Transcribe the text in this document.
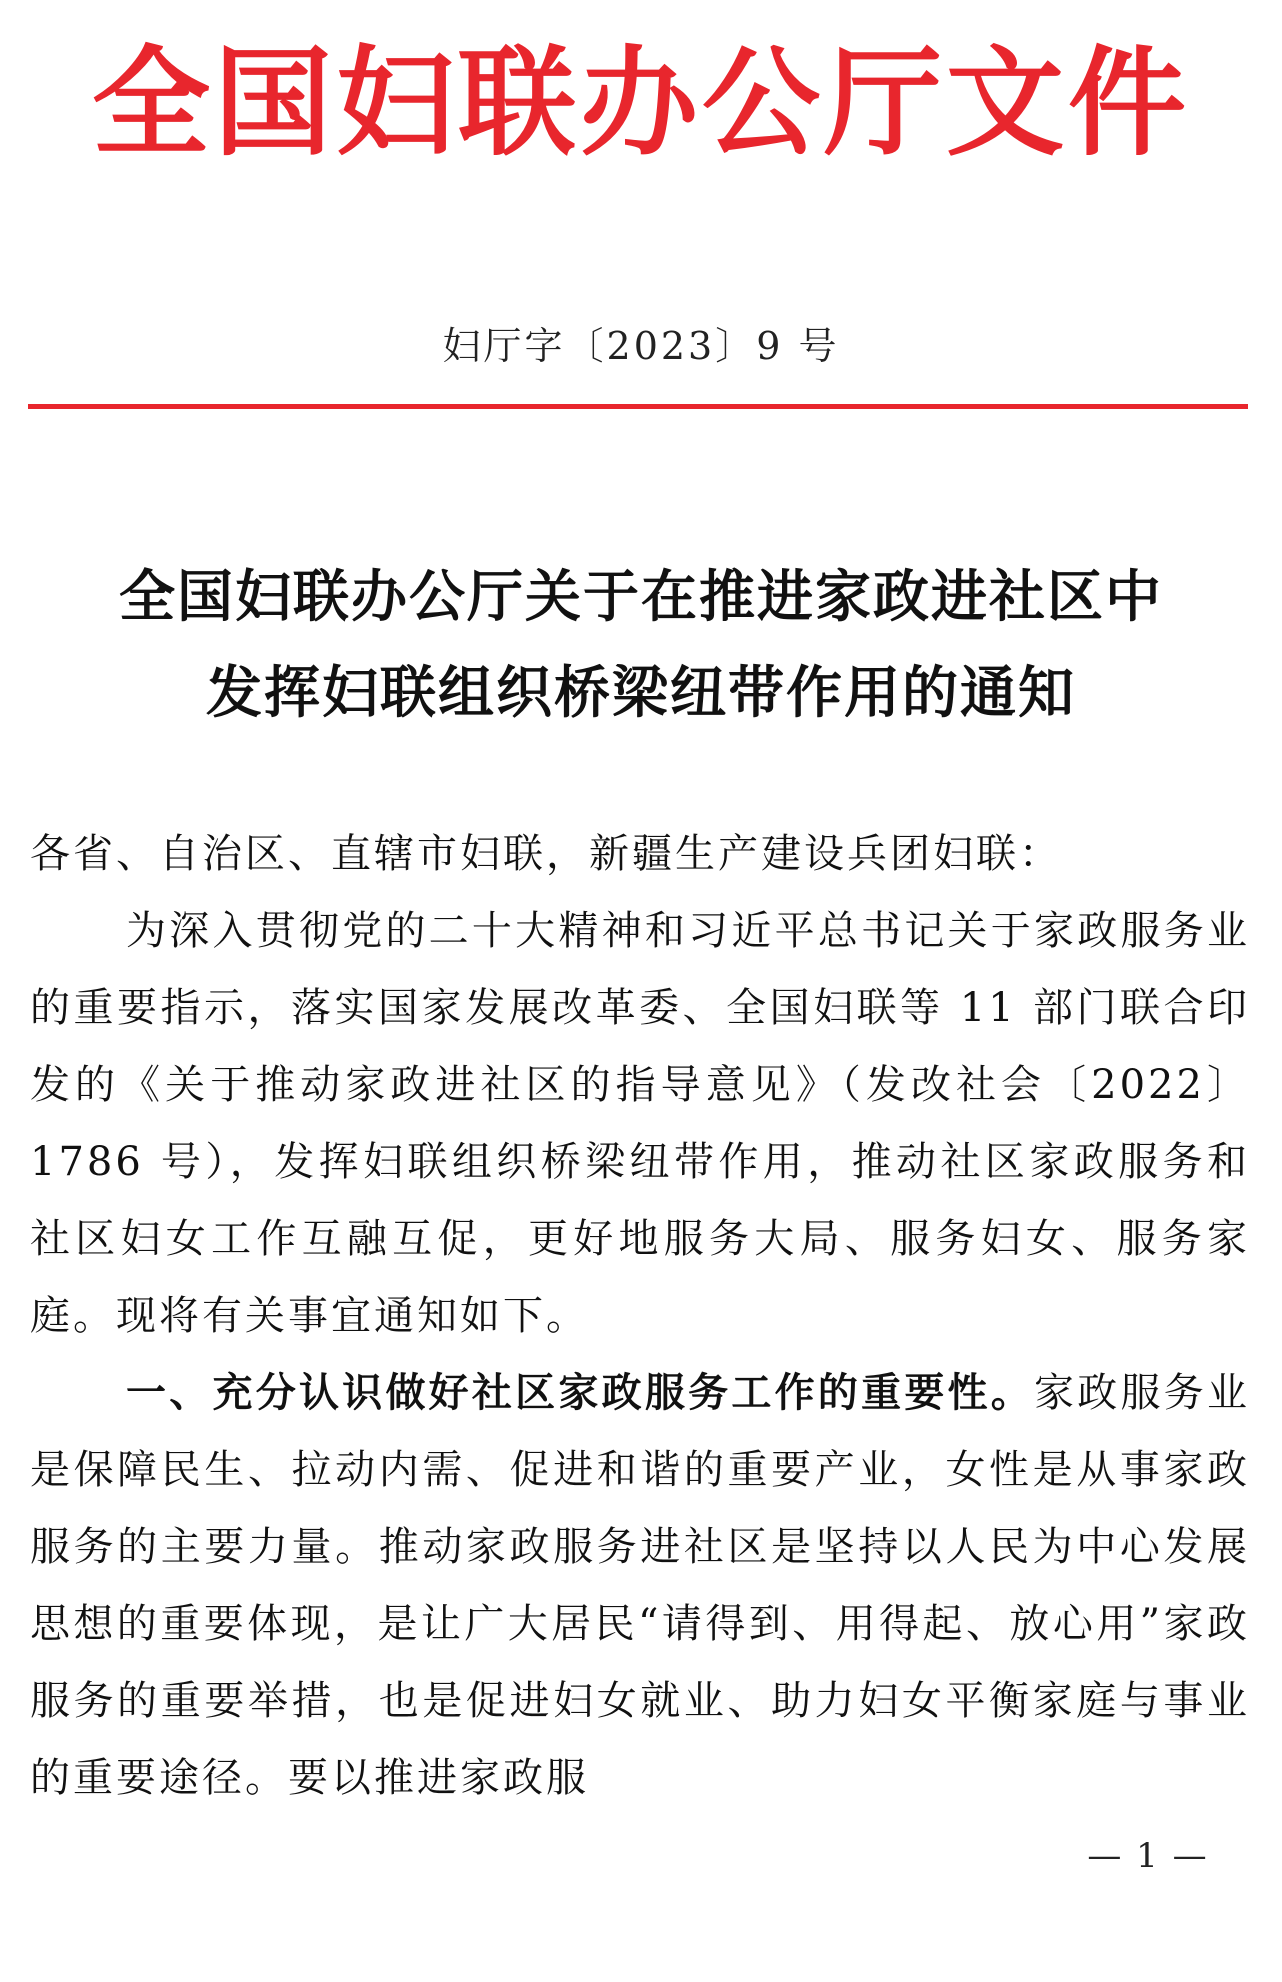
全国妇联办公厅文件
妇厅字〔2023〕9 号
全国妇联办公厅关于在推进家政进社区中
发挥妇联组织桥梁纽带作用的通知

各省、自治区、直辖市妇联，新疆生产建设兵团妇联：

为深入贯彻党的二十大精神和习近平总书记关于家政服务业的重要指示，落实国家发展改革委、全国妇联等 11 部门联合印发的《关于推动家政进社区的指导意见》（发改社会〔2022〕1786 号），发挥妇联组织桥梁纽带作用，推动社区家政服务和社区妇女工作互融互促，更好地服务大局、服务妇女、服务家庭。现将有关事宜通知如下。

一、充分认识做好社区家政服务工作的重要性。家政服务业是保障民生、拉动内需、促进和谐的重要产业，女性是从事家政服务的主要力量。推动家政服务进社区是坚持以人民为中心发展思想的重要体现，是让广大居民“请得到、用得起、放心用”家政服务的重要举措，也是促进妇女就业、助力妇女平衡家庭与事业的重要途径。要以推进家政服

— 1 —
